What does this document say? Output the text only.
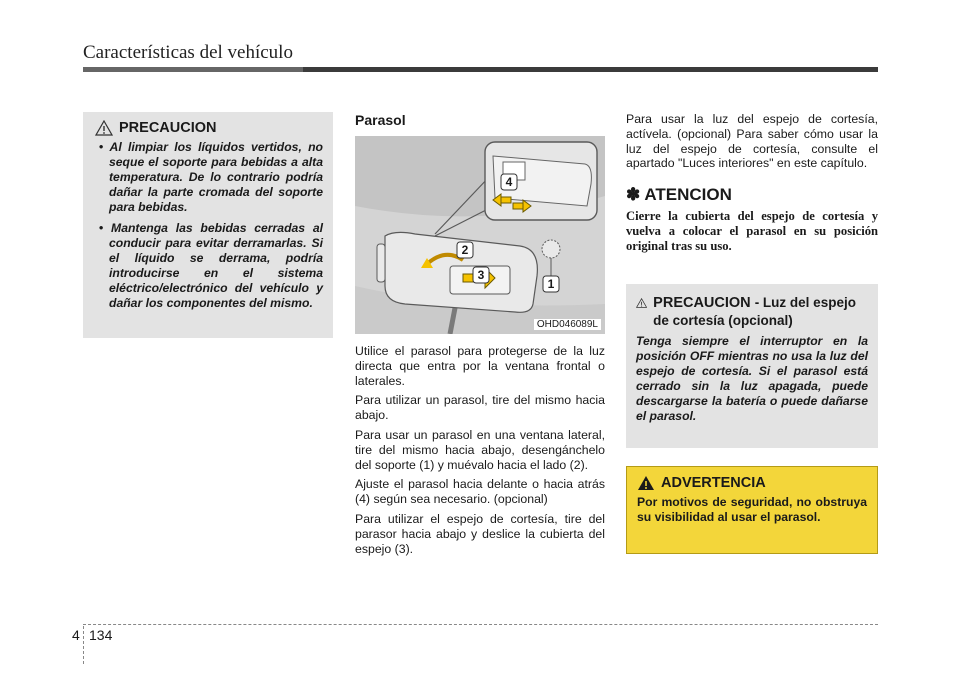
Características del vehículo
PRECAUCION
• Al limpiar los líquidos vertidos, no seque el soporte para bebidas a alta temperatura. De lo contrario podría dañar la parte cromada del soporte para bebidas.
• Mantenga las bebidas cerradas al conducir para evitar derramarlas. Si el líquido se derrama, podría introducirse en el sistema eléctrico/electrónico del vehículo y dañar los componentes del mismo.
Parasol
1
2
3
4
OHD046089L

Utilice el parasol para protegerse de la luz directa que entra por la ventana frontal o laterales.

Para utilizar un parasol, tire del mismo hacia abajo.

Para usar un parasol en una ventana lateral, tire del mismo hacia abajo, desengánchelo del soporte (1) y muévalo hacia el lado (2).

Ajuste el parasol hacia delante o hacia atrás (4) según sea necesario. (opcional)

Para utilizar el espejo de cortesía, tire del parasor hacia abajo y deslice la cubierta del espejo (3).

Para usar la luz del espejo de cortesía, actívela. (opcional) Para saber cómo usar la luz del espejo de cortesía, consulte el apartado "Luces interiores" en este capítulo.

✽ ATENCION
Cierre la cubierta del espejo de cortesía y vuelva a colocar el parasol en su posición original tras su uso.
PRECAUCION - Luz del espejo de cortesía (opcional)
Tenga siempre el interruptor en la posición OFF mientras no usa la luz del espejo de cortesía. Si el parasol está cerrado sin la luz apagada, puede descargarse la batería o puede dañarse el parasol.
ADVERTENCIA
Por motivos de seguridad, no obstruya su visibilidad al usar el parasol.
4 134
